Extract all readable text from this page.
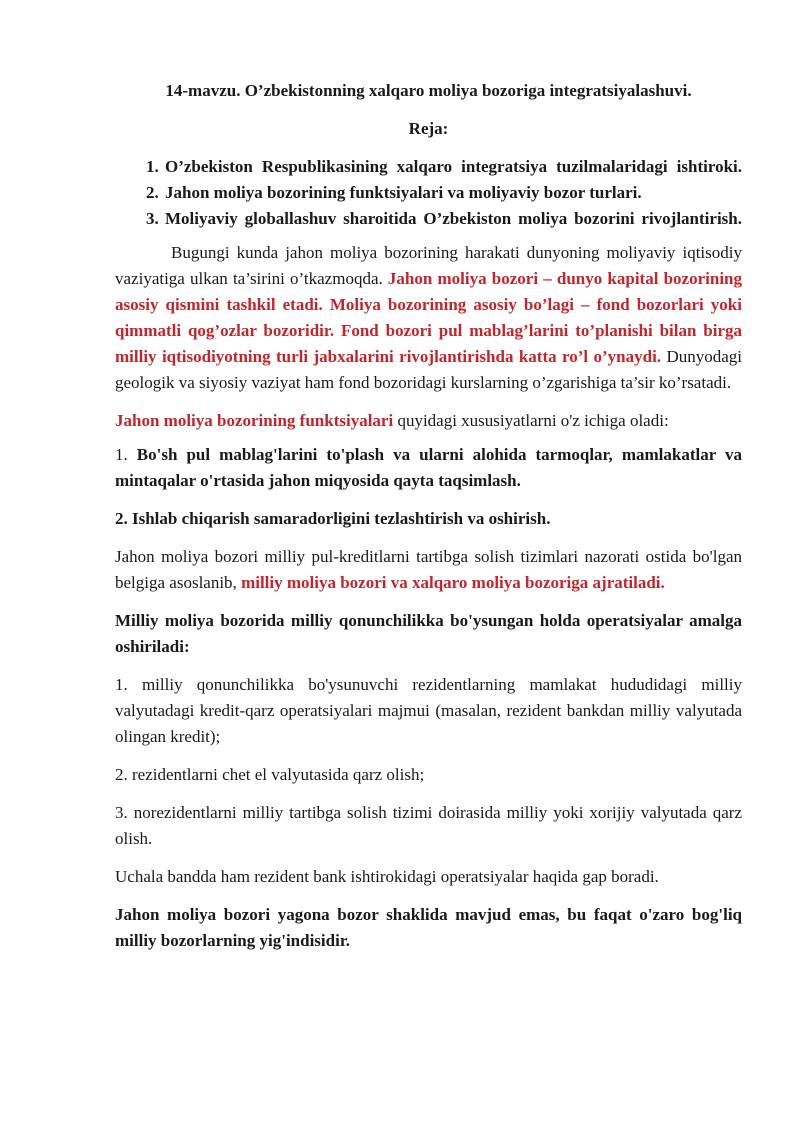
14-mavzu. O’zbekistonning xalqaro moliya bozoriga integratsiyalashuvi.

Reja:

1. O’zbekiston Respublikasining xalqaro integratsiya tuzilmalaridagi ishtiroki.
2. Jahon moliya bozorining funktsiyalari va moliyaviy bozor turlari.
3. Moliyaviy globallashuv sharoitida O’zbekiston moliya bozorini rivojlantirish.

Bugungi kunda jahon moliya bozorining harakati dunyoning moliyaviy iqtisodiy vaziyatiga ulkan ta’sirini o’tkazmoqda. Jahon moliya bozori – dunyo kapital bozorining asosiy qismini tashkil etadi. Moliya bozorining asosiy bo’lagi – fond bozorlari yoki qimmatli qog’ozlar bozoridir. Fond bozori pul mablag’larini to’planishi bilan birga milliy iqtisodiyotning turli jabxalarini rivojlantirishda katta ro’l o’ynaydi. Dunyodagi geologik va siyosiy vaziyat ham fond bozoridagi kurslarning o’zgarishiga ta’sir ko’rsatadi.

Jahon moliya bozorining funktsiyalari quyidagi xususiyatlarni o'z ichiga oladi:

1. Bo'sh pul mablag'larini to'plash va ularni alohida tarmoqlar, mamlakatlar va mintaqalar o'rtasida jahon miqyosida qayta taqsimlash.

2. Ishlab chiqarish samaradorligini tezlashtirish va oshirish.

Jahon moliya bozori milliy pul-kreditlarni tartibga solish tizimlari nazorati ostida bo'lgan belgiga asoslanib, milliy moliya bozori va xalqaro moliya bozoriga ajratiladi.

Milliy moliya bozorida milliy qonunchilikka bo'ysungan holda operatsiyalar amalga oshiriladi:

1. milliy qonunchilikka bo'ysunuvchi rezidentlarning mamlakat hududidagi milliy valyutadagi kredit-qarz operatsiyalari majmui (masalan, rezident bankdan milliy valyutada olingan kredit);

2. rezidentlarni chet el valyutasida qarz olish;

3. norezidentlarni milliy tartibga solish tizimi doirasida milliy yoki xorijiy valyutada qarz olish.

Uchala bandda ham rezident bank ishtirokidagi operatsiyalar haqida gap boradi.

Jahon moliya bozori yagona bozor shaklida mavjud emas, bu faqat o'zaro bog'liq milliy bozorlarning yig'indisidir.
